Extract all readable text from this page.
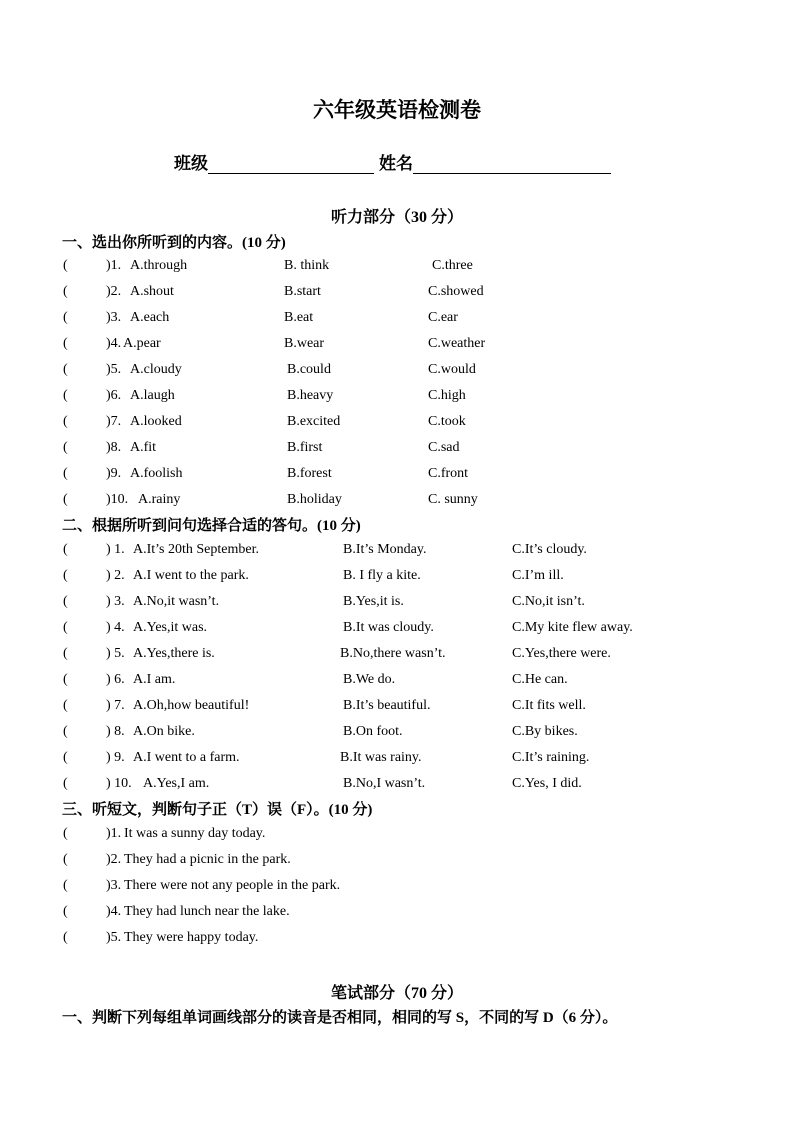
六年级英语检测卷
班级	姓名
听力部分（30 分）
一、选出你所听到的内容。(10 分)
(	)1. A.through	B. think	C.three
(	)2. A.shout	B.start	C.showed
(	)3. A.each	B.eat	C.ear
(	)4. A.pear	B.wear	C.weather
(	)5. A.cloudy	B.could	C.would
(	)6. A.laugh	B.heavy	C.high
(	)7. A.looked	B.excited	C.took
(	)8. A.fit	B.first	C.sad
(	)9. A.foolish	B.forest	C.front
(	)10. A.rainy	B.holiday	C. sunny
二、根据所听到问句选择合适的答句。(10 分)
(	) 1. A.It’s 20th September.	B.It’s Monday.	C.It’s cloudy.
(	) 2. A.I went to the park.	B. I fly a kite.	C.I’m ill.
(	) 3. A.No,it wasn’t.	B.Yes,it is.	C.No,it isn’t.
(	) 4. A.Yes,it was.	B.It was cloudy.	C.My kite flew away.
(	) 5. A.Yes,there is.	B.No,there wasn’t.	C.Yes,there were.
(	) 6. A.I am.	B.We do.	C.He can.
(	) 7. A.Oh,how beautiful!	B.It’s beautiful.	C.It fits well.
(	) 8. A.On bike.	B.On foot.	C.By bikes.
(	) 9. A.I went to a farm.	B.It was rainy.	C.It’s raining.
(	) 10. A.Yes,I am.	B.No,I wasn’t.	C.Yes, I did.
三、听短文，判断句子正（T）误（F）。(10 分)
(	)1. It was a sunny day today.
(	)2. They had a picnic in the park.
(	)3. There were not any people in the park.
(	)4. They had lunch near the lake.
(	)5. They were happy today.
笔试部分（70 分）
一、判断下列每组单词画线部分的读音是否相同，相同的写 S，不同的写 D（6 分）。
